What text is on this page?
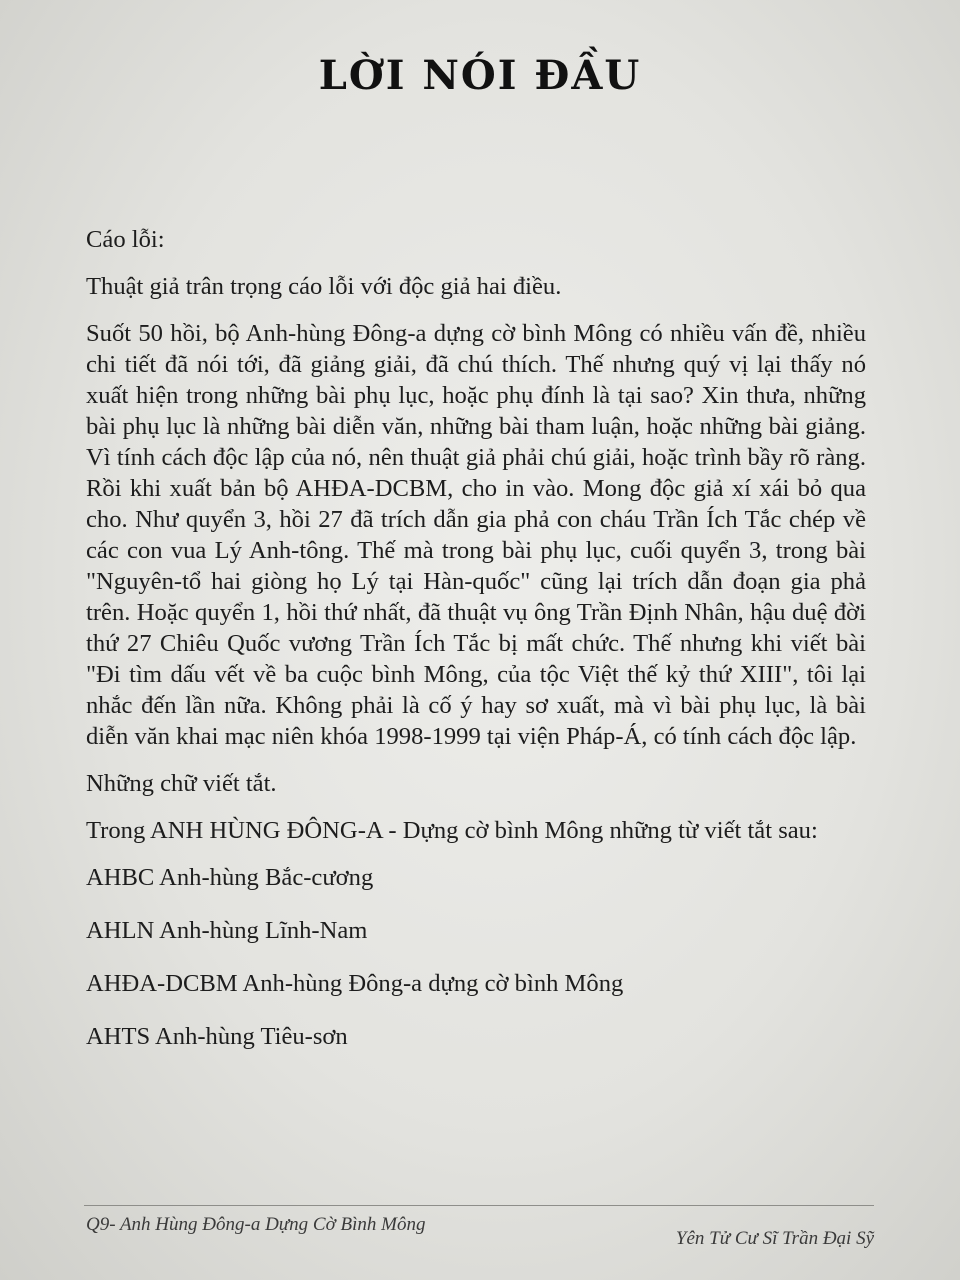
LỜI NÓI ĐẦU

Cáo lỗi:

Thuật giả trân trọng cáo lỗi với độc giả hai điều.

Suốt 50 hồi, bộ Anh-hùng Đông-a dựng cờ bình Mông có nhiều vấn đề, nhiều chi tiết đã nói tới, đã giảng giải, đã chú thích. Thế nhưng quý vị lại thấy nó xuất hiện trong những bài phụ lục, hoặc phụ đính là tại sao? Xin thưa, những bài phụ lục là những bài diễn văn, những bài tham luận, hoặc những bài giảng. Vì tính cách độc lập của nó, nên thuật giả phải chú giải, hoặc trình bầy rõ ràng. Rồi khi xuất bản bộ AHĐA-DCBM, cho in vào. Mong độc giả xí xái bỏ qua cho. Như quyển 3, hồi 27 đã trích dẫn gia phả con cháu Trần Ích Tắc chép về các con vua Lý Anh-tông. Thế mà trong bài phụ lục, cuối quyển 3, trong bài "Nguyên-tổ hai giòng họ Lý tại Hàn-quốc" cũng lại trích dẫn đoạn gia phả trên. Hoặc quyển 1, hồi thứ nhất, đã thuật vụ ông Trần Định Nhân, hậu duệ đời thứ 27 Chiêu Quốc vương Trần Ích Tắc bị mất chức. Thế nhưng khi viết bài "Đi tìm dấu vết về ba cuộc bình Mông, của tộc Việt thế kỷ thứ XIII", tôi lại nhắc đến lần nữa. Không phải là cố ý hay sơ xuất, mà vì bài phụ lục, là bài diễn văn khai mạc niên khóa 1998-1999 tại viện Pháp-Á, có tính cách độc lập.

Những chữ viết tắt.

Trong ANH HÙNG ĐÔNG-A - Dựng cờ bình Mông những từ viết tắt sau:

AHBC Anh-hùng Bắc-cương

AHLN Anh-hùng Lĩnh-Nam

AHĐA-DCBM Anh-hùng Đông-a dựng cờ bình Mông

AHTS Anh-hùng Tiêu-sơn

Q9- Anh Hùng Đông-a Dựng Cờ Bình Mông
Yên Tử Cư Sĩ Trần Đại Sỹ
